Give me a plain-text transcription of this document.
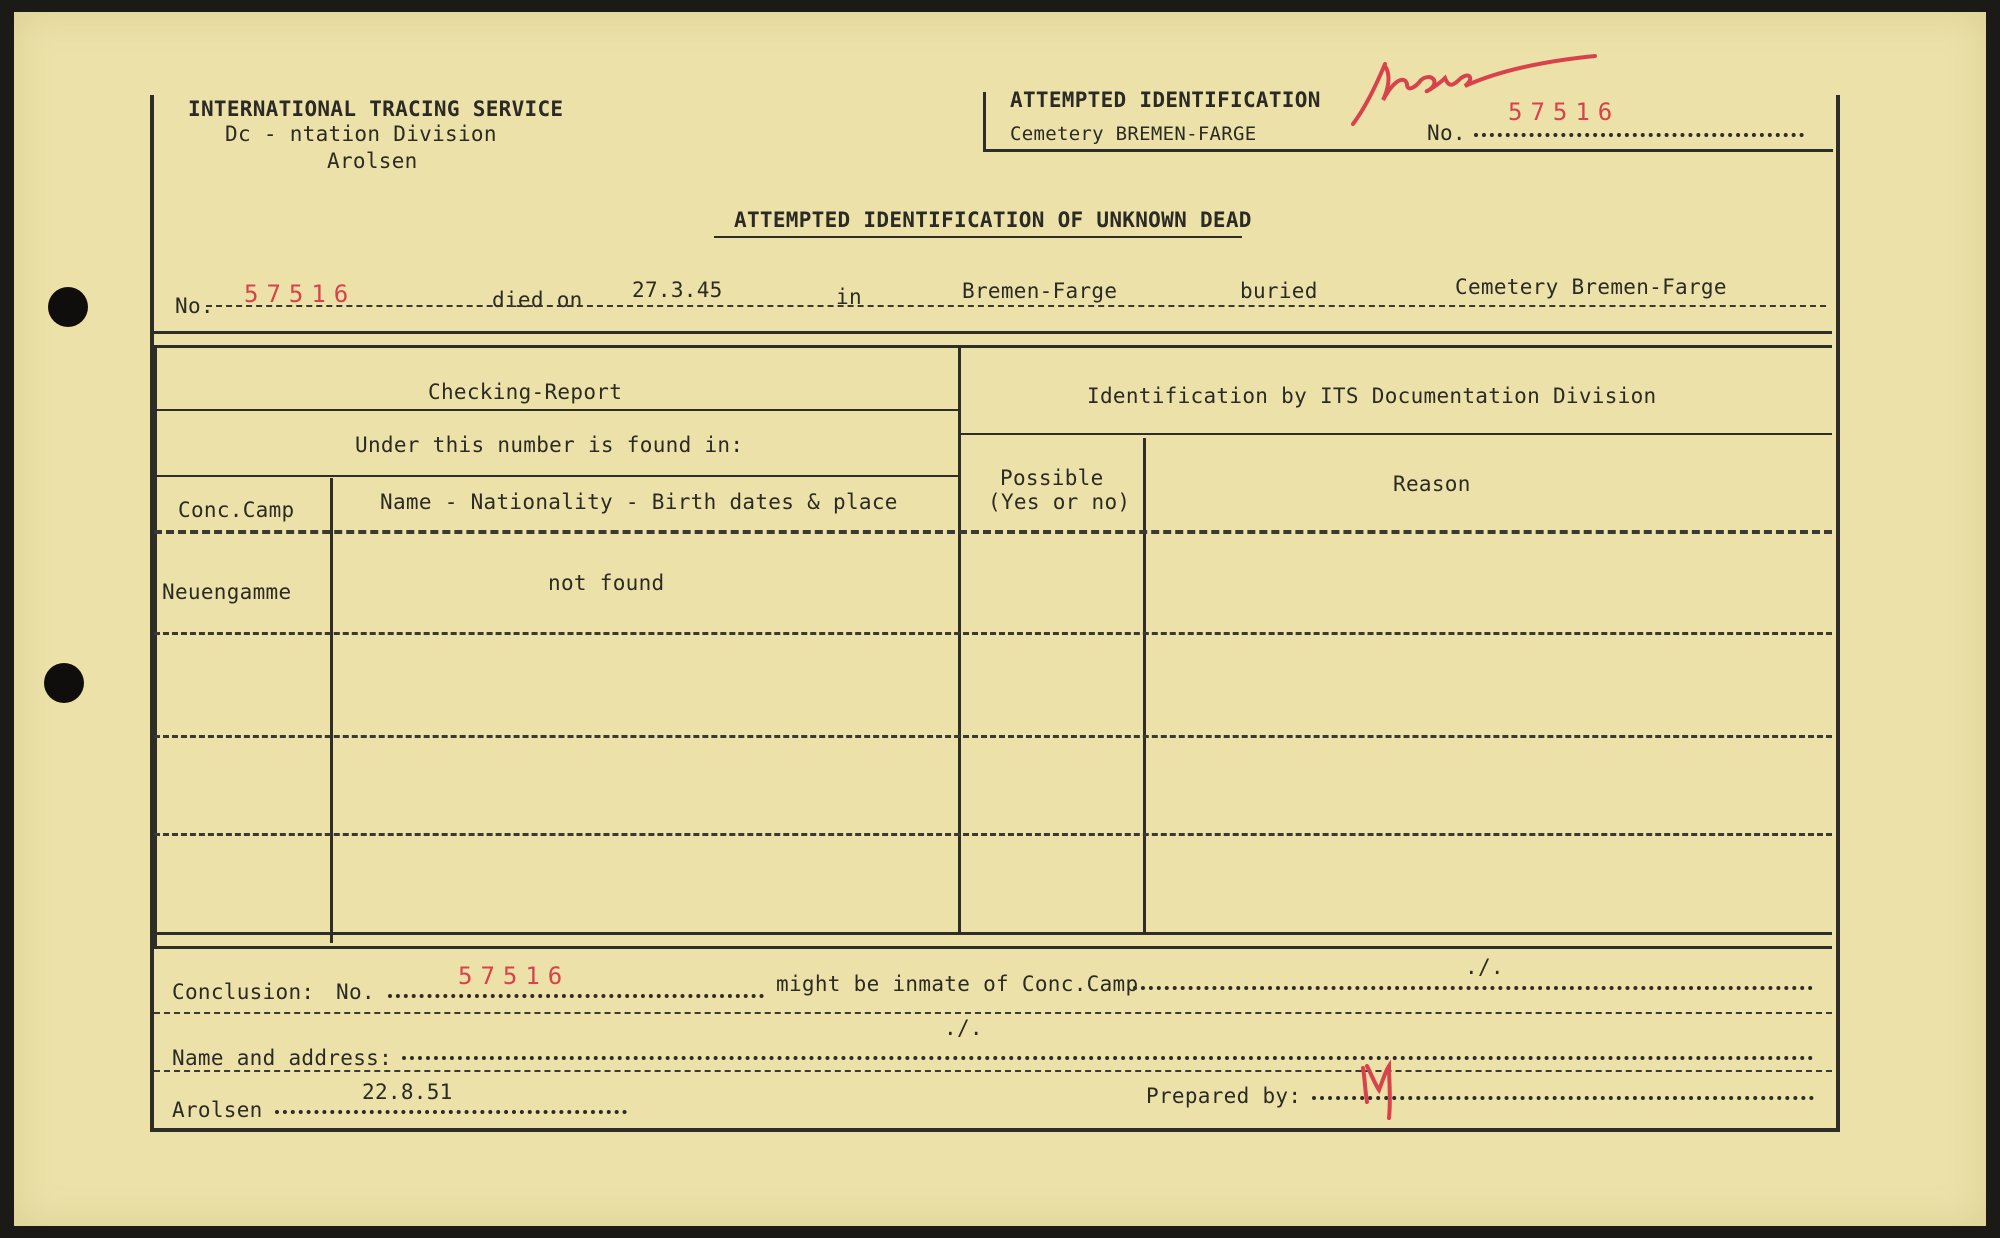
INTERNATIONAL TRACING SERVICE
Dc - ntation Division
Arolsen
ATTEMPTED IDENTIFICATION
Cemetery BREMEN-FARGE	No.
57516
ATTEMPTED IDENTIFICATION OF UNKNOWN DEAD
No. 57516	died on 27.3.45	in	Bremen-Farge	buried	Cemetery Bremen-Farge
Checking-Report
Under this number is found in:
Conc.Camp	Name - Nationality - Birth dates & place
Identification by ITS Documentation Division
Possible
(Yes or no)
Reason
Neuengamme	not found
Conclusion: No.
57516	might be inmate of Conc.Camp
./.
Name and address:
./.
Arolsen
22.8.51	Prepared by:
